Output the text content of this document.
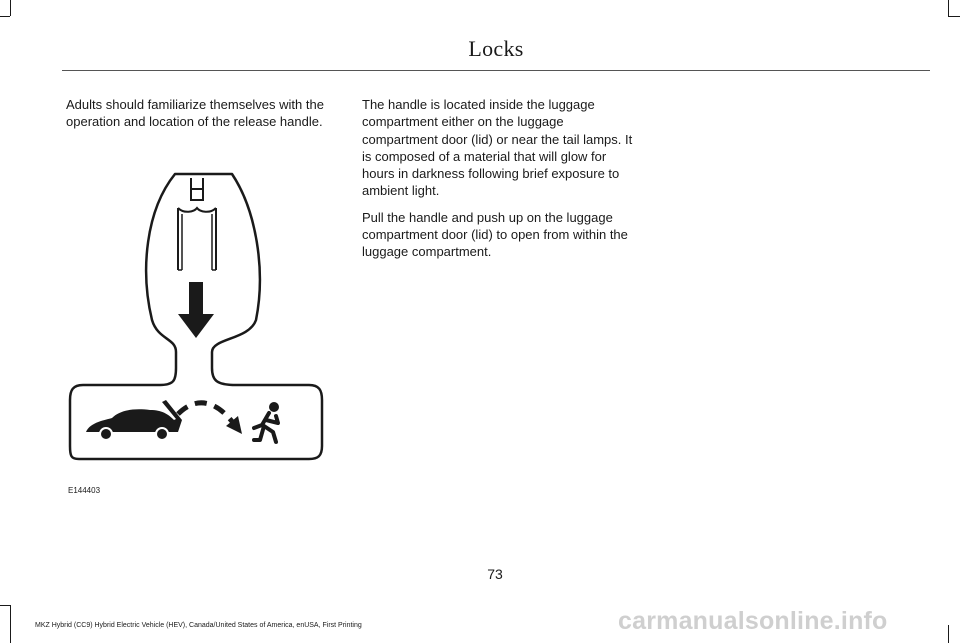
Locks

Adults should familiarize themselves with the operation and location of the release handle.

The handle is located inside the luggage compartment either on the luggage compartment door (lid) or near the tail lamps. It is composed of a material that will glow for hours in darkness following brief exposure to ambient light.

Pull the handle and push up on the luggage compartment door (lid) to open from within the luggage compartment.

E144403
73
MKZ Hybrid (CC9) Hybrid Electric Vehicle (HEV), Canada/United States of America, enUSA, First Printing	carmanualsonline.info
